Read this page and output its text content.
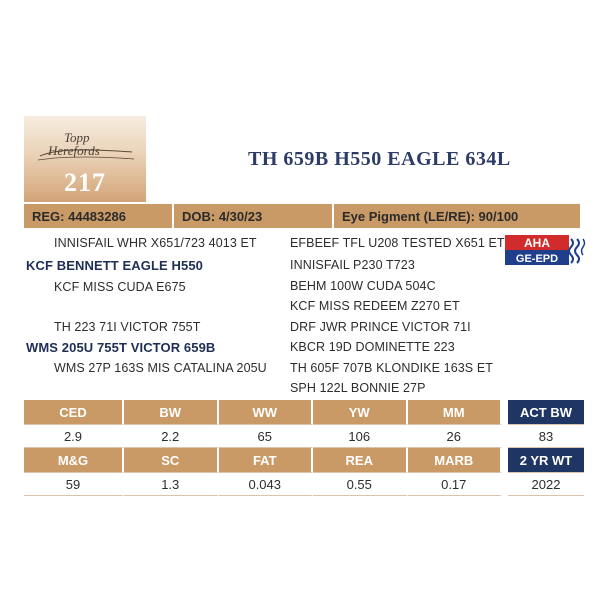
Topp
Herefords
217
TH 659B H550 EAGLE 634L
REG: 44483286	DOB: 4/30/23	Eye Pigment (LE/RE): 90/100
INNISFAIL WHR X651/723 4013 ET
KCF BENNETT EAGLE H550
KCF MISS CUDA E675
TH 223 71I VICTOR 755T
WMS 205U 755T VICTOR 659B
WMS 27P 163S MIS CATALINA 205U
EFBEEF TFL U208 TESTED X651 ET
INNISFAIL P230 T723
BEHM 100W CUDA 504C
KCF MISS REDEEM Z270 ET
DRF JWR PRINCE VICTOR 71I
KBCR 19D DOMINETTE 223
TH 605F 707B KLONDIKE 163S ET
SPH 122L BONNIE 27P
AHA
GE-EPD
CED	BW	WW	YW	MM
2.9	2.2	65	106	26
M&G	SC	FAT	REA	MARB
59	1.3	0.043	0.55	0.17
ACT BW
83
2 YR WT
2022
